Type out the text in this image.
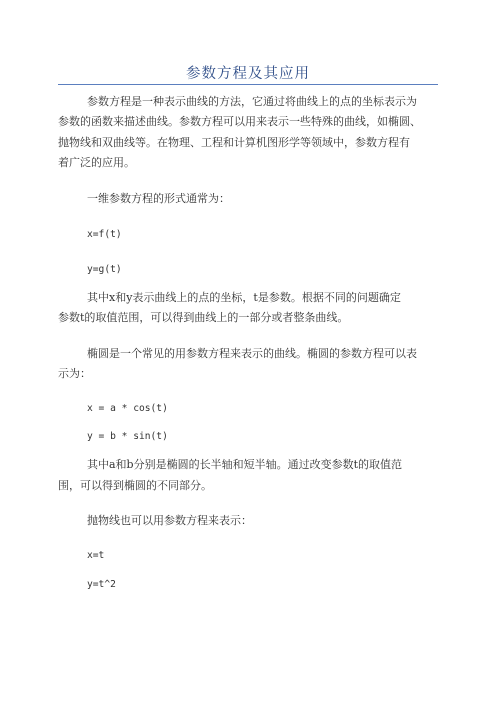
参数方程及其应用
参数方程是一种表示曲线的方法，它通过将曲线上的点的坐标表示为
参数的函数来描述曲线。参数方程可以用来表示一些特殊的曲线，如椭圆、
抛物线和双曲线等。在物理、工程和计算机图形学等领域中，参数方程有
着广泛的应用。
一维参数方程的形式通常为：
x=f(t)
y=g(t)
其中x和y表示曲线上的点的坐标，t是参数。根据不同的问题确定
参数t的取值范围，可以得到曲线上的一部分或者整条曲线。
椭圆是一个常见的用参数方程来表示的曲线。椭圆的参数方程可以表
示为：
x = a * cos(t)
y = b * sin(t)
其中a和b分别是椭圆的长半轴和短半轴。通过改变参数t的取值范
围，可以得到椭圆的不同部分。
抛物线也可以用参数方程来表示：
x=t
y=t^2
